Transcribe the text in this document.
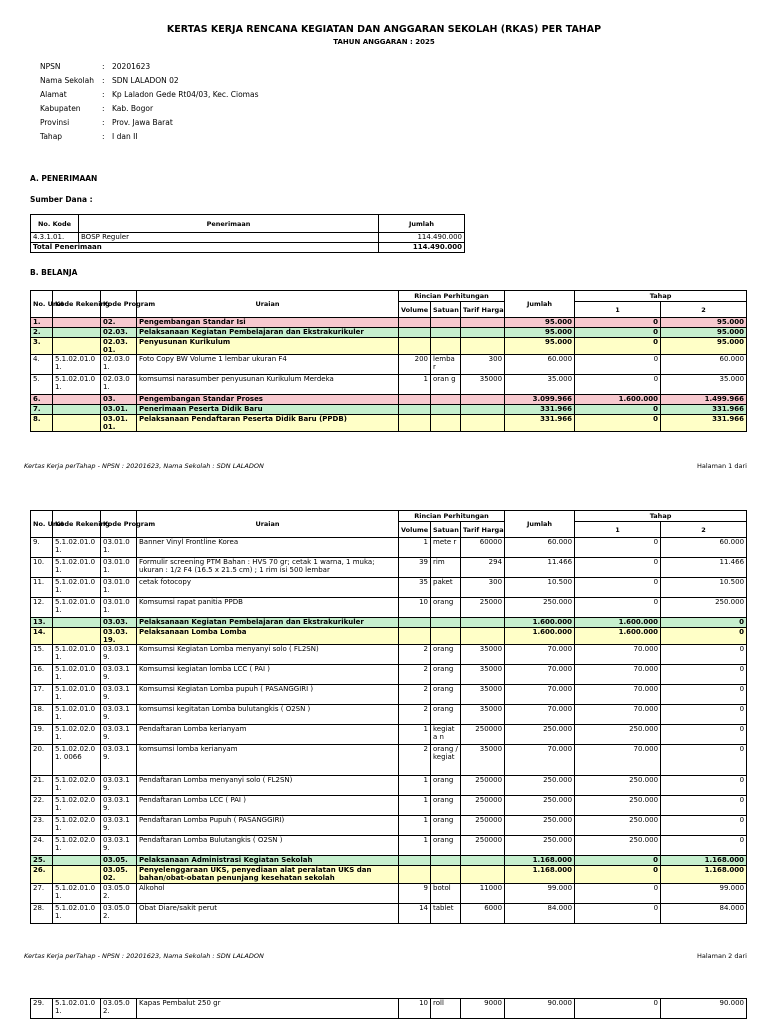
KERTAS KERJA RENCANA KEGIATAN DAN ANGGARAN SEKOLAH (RKAS) PER TAHAP
TAHUN ANGGARAN : 2025
NPSN	: 20201623
Nama Sekolah	: SDN LALADON 02
Alamat	: Kp Laladon Gede Rt04/03, Kec. Ciomas
Kabupaten	: Kab. Bogor
Provinsi	: Prov. Jawa Barat
Tahap	: I dan II
A. PENERIMAAN
Sumber Dana :
No. Kode	Penerimaan	Jumlah
4.3.1.01.	BOSP Reguler	114.490.000
Total Penerimaan		114.490.000
B. BELANJA
No. Urut	Kode Rekening	Kode Program	Uraian	Rincian Perhitungan			Jumlah	Tahap	
				Volume	Satuan	Tarif Harga		1	2
1.		02.	Pengembangan Standar Isi				95.000	0	95.000
2.		02.03.	Pelaksanaan Kegiatan Pembelajaran dan Ekstrakurikuler				95.000	0	95.000
3.		02.03. 01.	Penyusunan Kurikulum				95.000	0	95.000
4.	5.1.02.01.0 1.	02.03.0 1.	Foto Copy BW Volume 1 lembar ukuran F4	200	lemba r	300	60.000	0	60.000
5.	5.1.02.01.0 1.	02.03.0 1.	komsumsi narasumber penyusunan Kurikulum Merdeka	1	oran g	35000	35.000	0	35.000
6.		03.	Pengembangan Standar Proses				3.099.966	1.600.000	1.499.966
7.		03.01.	Penerimaan Peserta Didik Baru				331.966	0	331.966
8.		03.01. 01.	Pelaksanaan Pendaftaran Peserta Didik Baru (PPDB)				331.966	0	331.966
Kertas Kerja perTahap - NPSN : 20201623, Nama Sekolah : SDN LALADON	Halaman 1 dari
9.	5.1.02.01.0 1.	03.01.0 1.	Banner Vinyl Frontline Korea	1	mete r	60000	60.000	0	60.000
No. Urut	Kode Rekening	Kode Program	Uraian	Rincian Perhitungan			Jumlah	Tahap	
				Volume	Satuan	Tarif Harga		1	2
10.	5.1.02.01.0 1.	03.01.0 1.	Formulir screening PTM Bahan : HVS 70 gr; cetak 1 warna, 1 muka; ukuran : 1/2 F4 (16.5 x 21.5 cm) ; 1 rim isi 500 lembar	39	rim	294	11.466	0	11.466
11.	5.1.02.01.0 1.	03.01.0 1.	cetak fotocopy	35	paket	300	10.500	0	10.500
12.	5.1.02.01.0 1.	03.01.0 1.	Komsumsi rapat panitia PPDB	10	orang	25000	250.000	0	250.000
13.		03.03.	Pelaksanaan Kegiatan Pembelajaran dan Ekstrakurikuler				1.600.000	1.600.000	0
14.		03.03. 19.	Pelaksanaan Lomba Lomba				1.600.000	1.600.000	0
15.	5.1.02.01.0 1.	03.03.1 9.	Komsumsi Kegiatan Lomba menyanyi solo ( FL2SN)	2	orang	35000	70.000	70.000	0
16.	5.1.02.01.0 1.	03.03.1 9.	Komsumsi kegiatan lomba LCC ( PAI )	2	orang	35000	70.000	70.000	0
17.	5.1.02.01.0 1.	03.03.1 9.	Komsumsi Kegiatan Lomba pupuh ( PASANGGIRI )	2	orang	35000	70.000	70.000	0
18.	5.1.02.01.0 1.	03.03.1 9.	komsumsi kegitatan Lomba bulutangkis ( O2SN )	2	orang	35000	70.000	70.000	0
19.	5.1.02.02.0 1.	03.03.1 9.	Pendaftaran Lomba kerianyam	1	kegiat a n	250000	250.000	250.000	0
20.	5.1.02.02.0 1. 0066	03.03.1 9.	komsumsi lomba kerianyam	2	orang / kegiat	35000	70.000	70.000	0
21.	5.1.02.02.0 1.	03.03.1 9.	Pendaftaran Lomba menyanyi solo ( FL2SN)	1	orang	250000	250.000	250.000	0
22.	5.1.02.02.0 1.	03.03.1 9.	Pendaftaran Lomba LCC ( PAI )	1	orang	250000	250.000	250.000	0
23.	5.1.02.02.0 1.	03.03.1 9.	Pendaftaran Lomba Pupuh ( PASANGGIRI)	1	orang	250000	250.000	250.000	0
24.	5.1.02.02.0 1.	03.03.1 9.	Pendaftaran Lomba Bulutangkis ( O2SN )	1	orang	250000	250.000	250.000	0
25.		03.05.	Pelaksanaan Administrasi Kegiatan Sekolah				1.168.000	0	1.168.000
26.		03.05. 02.	Penyelenggaraan UKS, penyediaan alat peralatan UKS dan bahan/obat-obatan penunjang kesehatan sekolah				1.168.000	0	1.168.000
27.	5.1.02.01.0 1.	03.05.0 2.	Alkohol	9	botol	11000	99.000	0	99.000
28.	5.1.02.01.0 1.	03.05.0 2.	Obat Diare/sakit perut	14	tablet	6000	84.000	0	84.000
Kertas Kerja perTahap - NPSN : 20201623, Nama Sekolah : SDN LALADON	Halaman 2 dari
29.	5.1.02.01.0 1.	03.05.0 2.	Kapas Pembalut 250 gr	10	roll	9000	90.000	0	90.000
